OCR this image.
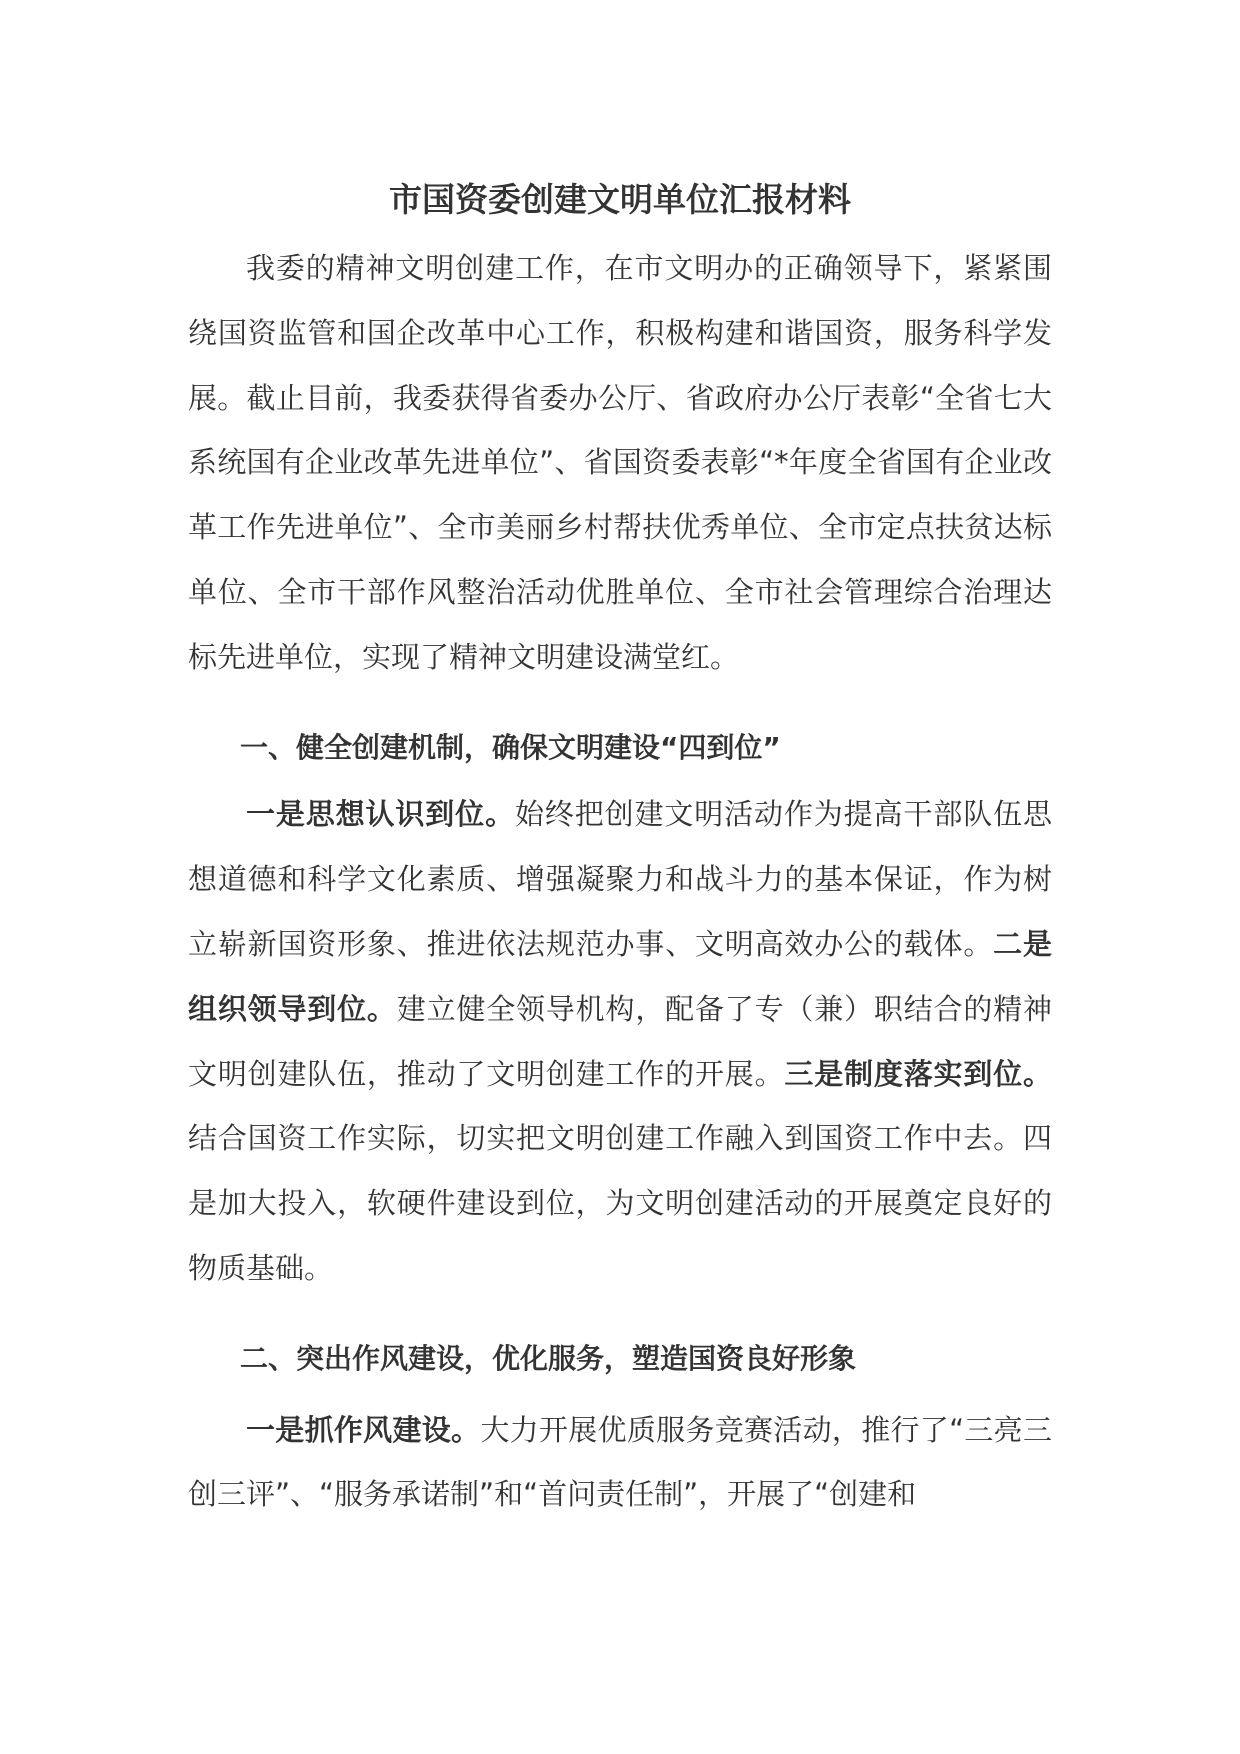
市国资委创建文明单位汇报材料

我委的精神文明创建工作，在市文明办的正确领导下，紧紧围绕国资监管和国企改革中心工作，积极构建和谐国资，服务科学发展。截止目前，我委获得省委办公厅、省政府办公厅表彰“全省七大系统国有企业改革先进单位”、省国资委表彰“*年度全省国有企业改革工作先进单位”、全市美丽乡村帮扶优秀单位、全市定点扶贫达标单位、全市干部作风整治活动优胜单位、全市社会管理综合治理达标先进单位，实现了精神文明建设满堂红。

一、健全创建机制，确保文明建设“四到位”

一是思想认识到位。始终把创建文明活动作为提高干部队伍思想道德和科学文化素质、增强凝聚力和战斗力的基本保证，作为树立崭新国资形象、推进依法规范办事、文明高效办公的载体。二是组织领导到位。建立健全领导机构，配备了专（兼）职结合的精神文明创建队伍，推动了文明创建工作的开展。三是制度落实到位。结合国资工作实际，切实把文明创建工作融入到国资工作中去。四是加大投入，软硬件建设到位，为文明创建活动的开展奠定良好的物质基础。

二、突出作风建设，优化服务，塑造国资良好形象

一是抓作风建设。大力开展优质服务竞赛活动，推行了“三亮三创三评”、“服务承诺制”和“首问责任制”，开展了“创建和
